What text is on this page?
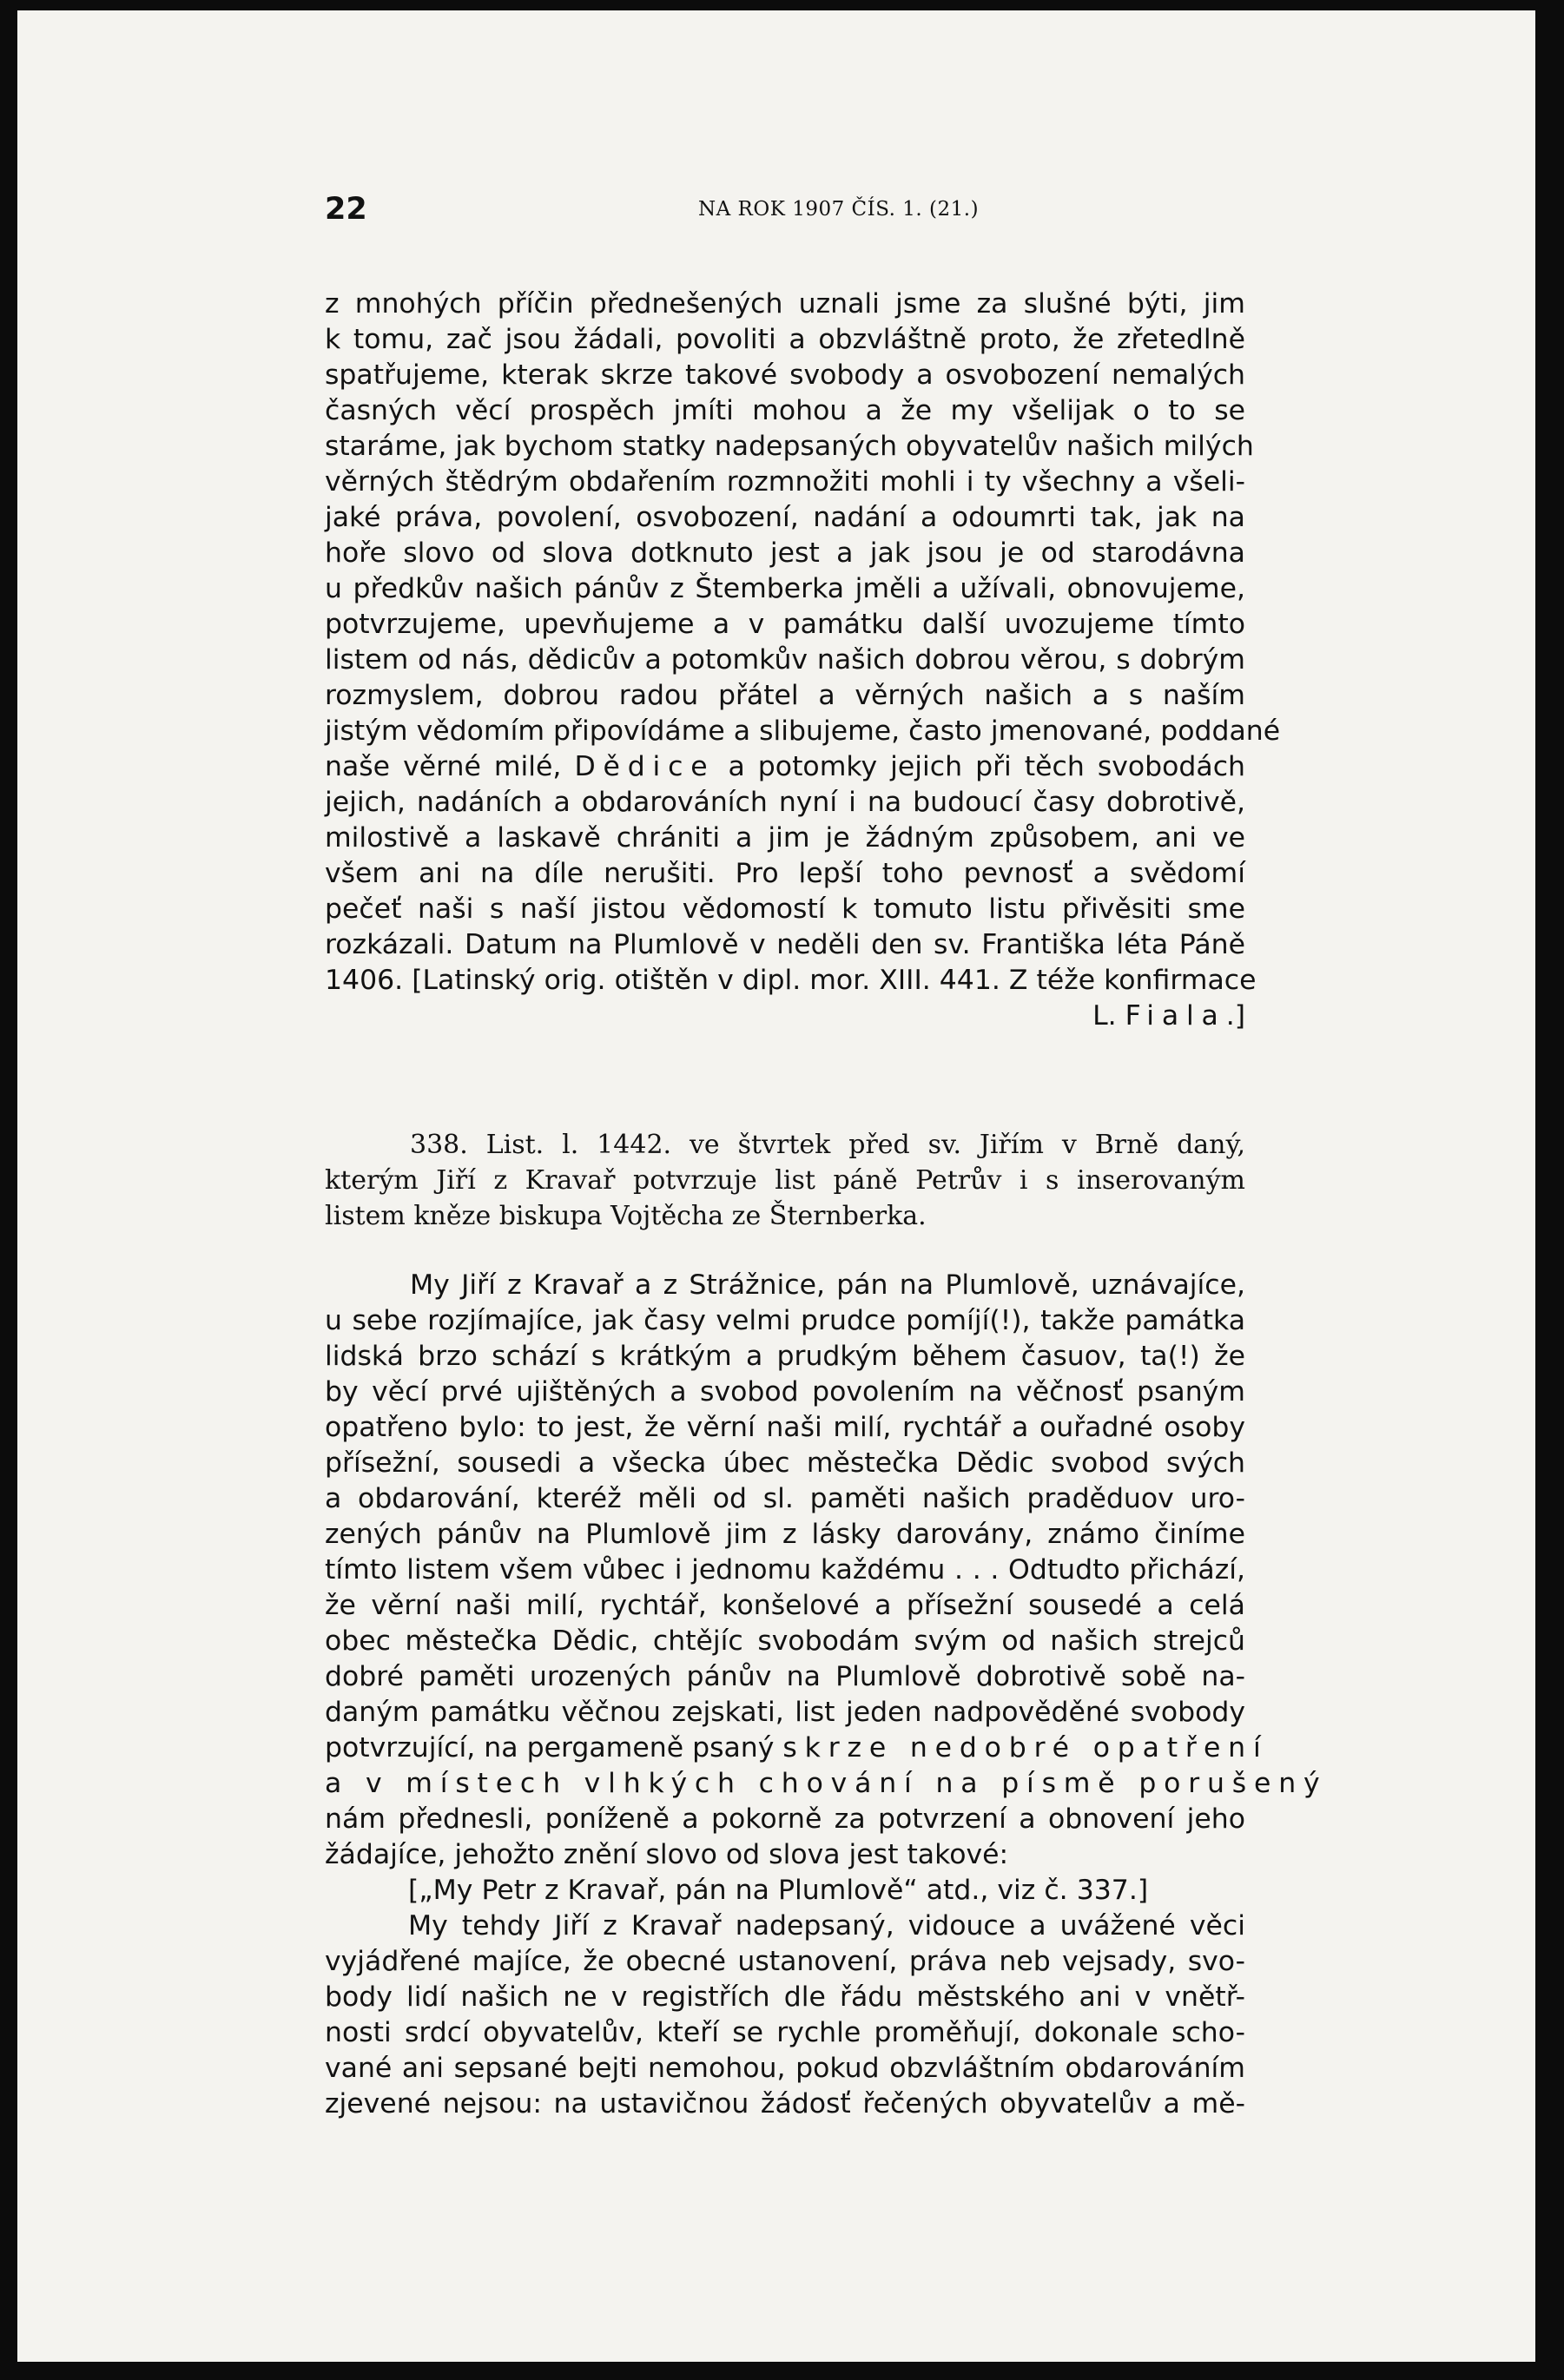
22	NA ROK 1907 ČÍS. 1. (21.)
z mnohých příčin přednešených uznali jsme za slušné býti, jim
k tomu, zač jsou žádali, povoliti a obzvláštně proto, že zřetedlně
spatřujeme, kterak skrze takové svobody a osvobození nemalých
časných věcí prospěch jmíti mohou a že my všelijak o to se
staráme, jak bychom statky nadepsaných obyvatelův našich milých
věrných štědrým obdařením rozmnožiti mohli i ty všechny a všeli-
jaké práva, povolení, osvobození, nadání a odoumrti tak, jak na
hoře slovo od slova dotknuto jest a jak jsou je od starodávna
u předkův našich pánův z Štemberka jměli a užívali, obnovujeme,
potvrzujeme, upevňujeme a v památku další uvozujeme tímto
listem od nás, dědicův a potomkův našich dobrou věrou, s dobrým
rozmyslem, dobrou radou přátel a věrných našich a s naším
jistým vědomím připovídáme a slibujeme, často jmenované, poddané
naše věrné milé, Dědice a potomky jejich při těch svobodách
jejich, nadáních a obdarováních nyní i na budoucí časy dobrotivě,
milostivě a laskavě chrániti a jim je žádným způsobem, ani ve
všem ani na díle nerušiti. Pro lepší toho pevnosť a svědomí
pečeť naši s naší jistou vědomostí k tomuto listu přivěsiti sme
rozkázali. Datum na Plumlově v neděli den sv. Františka léta Páně
1406. [Latinský orig. otištěn v dipl. mor. XIII. 441. Z téže konfirmace
L. Fiala.]
338. List. l. 1442. ve štvrtek před sv. Jiřím v Brně daný,
kterým Jiří z Kravař potvrzuje list páně Petrův i s inserovaným
listem kněze biskupa Vojtěcha ze Šternberka.
My Jiří z Kravař a z Strážnice, pán na Plumlově, uznávajíce,
u sebe rozjímajíce, jak časy velmi prudce pomíjí(!), takže památka
lidská brzo schází s krátkým a prudkým během časuov, ta(!) že
by věcí prvé ujištěných a svobod povolením na věčnosť psaným
opatřeno bylo: to jest, že věrní naši milí, rychtář a ouřadné osoby
přísežní, sousedi a všecka úbec městečka Dědic svobod svých
a obdarování, kteréž měli od sl. paměti našich praděduov uro-
zených pánův na Plumlově jim z lásky darovány, známo činíme
tímto listem všem vůbec i jednomu každému . . . Odtudto přichází,
že věrní naši milí, rychtář, konšelové a přísežní sousedé a celá
obec městečka Dědic, chtějíc svobodám svým od našich strejců
dobré paměti urozených pánův na Plumlově dobrotivě sobě na-
daným památku věčnou zejskati, list jeden nadpověděné svobody
potvrzující, na pergameně psaný skrze nedobré opatření
a v místech vlhkých chování na písmě porušený
nám přednesli, poníženě a pokorně za potvrzení a obnovení jeho
žádajíce, jehožto znění slovo od slova jest takové:
[„My Petr z Kravař, pán na Plumlově“ atd., viz č. 337.]
My tehdy Jiří z Kravař nadepsaný, vidouce a uvážené věci
vyjádřené majíce, že obecné ustanovení, práva neb vejsady, svo-
body lidí našich ne v registřích dle řádu městského ani v vnětř-
nosti srdcí obyvatelův, kteří se rychle proměňují, dokonale scho-
vané ani sepsané bejti nemohou, pokud obzvláštním obdarováním
zjevené nejsou: na ustavičnou žádosť řečených obyvatelův a mě-
